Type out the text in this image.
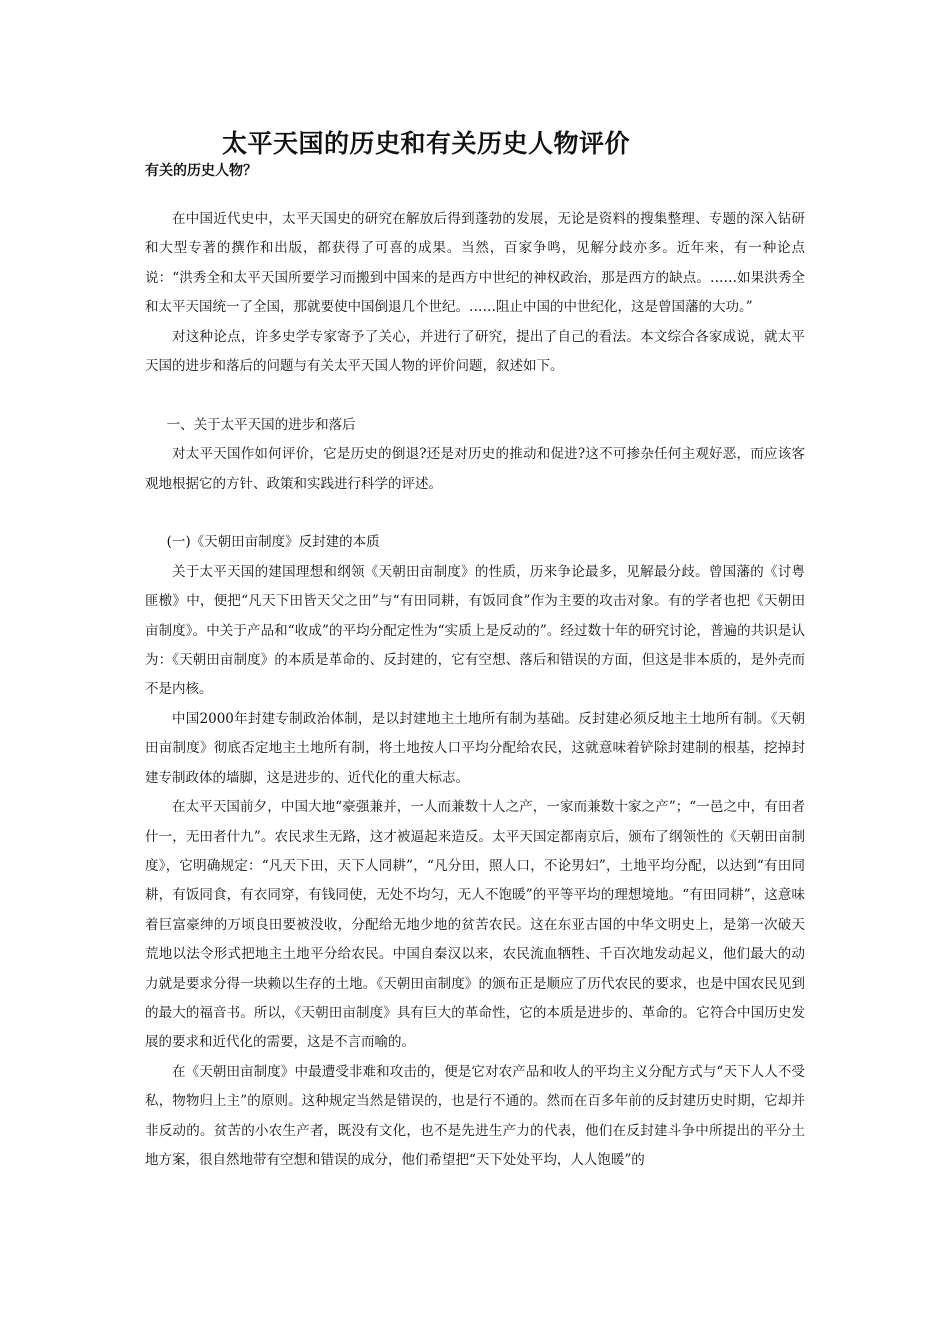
太平天国的历史和有关历史人物评价
有关的历史人物？

在中国近代史中，太平天国史的研究在解放后得到蓬勃的发展，无论是资料的搜集整理、专题的深入钻研和大型专著的撰作和出版，都获得了可喜的成果。当然，百家争鸣，见解分歧亦多。近年来，有一种论点说：“洪秀全和太平天国所要学习而搬到中国来的是西方中世纪的神权政治，那是西方的缺点。……如果洪秀全和太平天国统一了全国，那就要使中国倒退几个世纪。……阻止中国的中世纪化，这是曾国藩的大功。”

对这种论点，许多史学专家寄予了关心，并进行了研究，提出了自己的看法。本文综合各家成说，就太平天国的进步和落后的问题与有关太平天国人物的评价问题，叙述如下。

一、关于太平天国的进步和落后

对太平天国作如何评价，它是历史的倒退?还是对历史的推动和促进?这不可掺杂任何主观好恶，而应该客观地根据它的方针、政策和实践进行科学的评述。

(一)《天朝田亩制度》反封建的本质

关于太平天国的建国理想和纲领《天朝田亩制度》的性质，历来争论最多，见解最分歧。曾国藩的《讨粤匪檄》中，便把“凡天下田皆天父之田”与“有田同耕，有饭同食”作为主要的攻击对象。有的学者也把《天朝田亩制度》。中关于产品和“收成”的平均分配定性为“实质上是反动的”。经过数十年的研究讨论，普遍的共识是认为：《天朝田亩制度》的本质是革命的、反封建的，它有空想、落后和错误的方面，但这是非本质的，是外壳而不是内核。

中国2000年封建专制政治体制，是以封建地主土地所有制为基础。反封建必须反地主土地所有制。《天朝田亩制度》彻底否定地主土地所有制，将土地按人口平均分配给农民，这就意味着铲除封建制的根基，挖掉封建专制政体的墙脚，这是进步的、近代化的重大标志。

在太平天国前夕，中国大地“豪强兼并，一人而兼数十人之产，一家而兼数十家之产”；“一邑之中，有田者什一，无田者什九”。农民求生无路，这才被逼起来造反。太平天国定都南京后，颁布了纲领性的《天朝田亩制度》，它明确规定：“凡天下田，天下人同耕”，“凡分田，照人口，不论男妇”，土地平均分配，以达到“有田同耕，有饭同食，有衣同穿，有钱同使，无处不均匀，无人不饱暖”的平等平均的理想境地。“有田同耕”，这意味着巨富豪绅的万顷良田要被没收，分配给无地少地的贫苦农民。这在东亚古国的中华文明史上，是第一次破天荒地以法令形式把地主土地平分给农民。中国自秦汉以来，农民流血牺牲、千百次地发动起义，他们最大的动力就是要求分得一块赖以生存的土地。《天朝田亩制度》的颁布正是顺应了历代农民的要求，也是中国农民见到的最大的福音书。所以，《天朝田亩制度》具有巨大的革命性，它的本质是进步的、革命的。它符合中国历史发展的要求和近代化的需要，这是不言而喻的。

在《天朝田亩制度》中最遭受非难和攻击的，便是它对农产品和收人的平均主义分配方式与“天下人人不受私，物物归上主”的原则。这种规定当然是错误的，也是行不通的。然而在百多年前的反封建历史时期，它却并非反动的。贫苦的小农生产者，既没有文化，也不是先进生产力的代表，他们在反封建斗争中所提出的平分土地方案，很自然地带有空想和错误的成分，他们希望把“天下处处平均，人人饱暖”的
